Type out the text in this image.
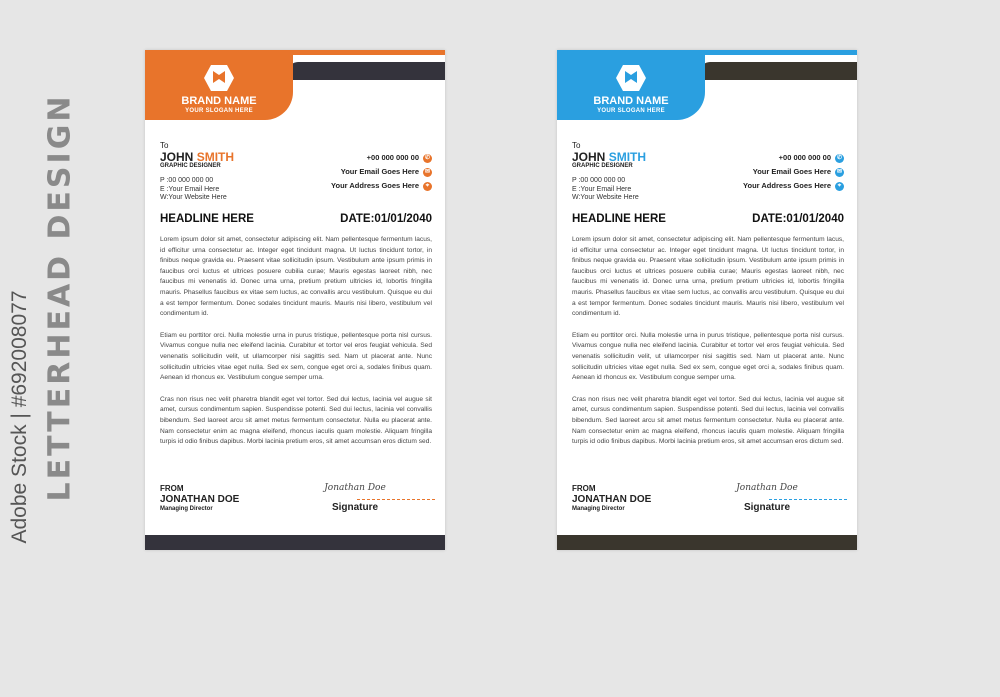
LETTERHEAD DESIGN
Adobe Stock | #692008077
BRAND NAME
YOUR SLOGAN HERE
To
JOHN SMITH
GRAPHIC DESIGNER
P :00 000 000 00
E :Your Email Here
W:Your Website Here
+00 000 000 00 ✆
Your Email Goes Here ✉
Your Address Goes Here	⌖
HEADLINE HERE	DATE:01/01/2040

Lorem ipsum dolor sit amet, consectetur adipiscing elit. Nam pellentesque fermentum lacus, id efficitur urna consectetur ac. Integer eget tincidunt magna. Ut luctus tincidunt tortor, in finibus neque gravida eu. Praesent vitae sollicitudin ipsum. Vestibulum ante ipsum primis in faucibus orci luctus et ultrices posuere cubilia curae; Mauris egestas laoreet nibh, nec faucibus mi venenatis id. Donec urna urna, pretium pretium ultricies id, lobortis fringilla mauris. Phasellus faucibus ex vitae sem luctus, ac convallis arcu vestibulum. Quisque eu dui a est tempor fermentum. Donec sodales tincidunt mauris. Mauris nisi libero, vestibulum vel condimentum id.

Etiam eu porttitor orci. Nulla molestie urna in purus tristique, pellentesque porta nisl cursus. Vivamus congue nulla nec eleifend lacinia. Curabitur et tortor vel eros feugiat vehicula. Sed venenatis sollicitudin velit, ut ullamcorper nisi sagittis sed. Nam ut placerat ante. Nunc sollicitudin ultricies vitae eget nulla. Sed ex sem, congue eget orci a, sodales finibus quam. Aenean id rhoncus ex. Vestibulum congue semper urna.

Cras non risus nec velit pharetra blandit eget vel tortor. Sed dui lectus, lacinia vel augue sit amet, cursus condimentum sapien. Suspendisse potenti. Sed dui lectus, lacinia vel convallis bibendum. Sed laoreet arcu sit amet metus fermentum consectetur. Nulla eu placerat ante. Nam consectetur enim ac magna eleifend, rhoncus iaculis quam molestie. Aliquam fringilla turpis id odio finibus dapibus. Morbi lacinia pretium eros, sit amet accumsan eros dictum sed.

FROM
JONATHAN DOE
Managing Director
Jonathan Doe
Signature
BRAND NAME
YOUR SLOGAN HERE
To
JOHN SMITH
GRAPHIC DESIGNER
P :00 000 000 00
E :Your Email Here
W:Your Website Here
+00 000 000 00 ✆
Your Email Goes Here ✉
Your Address Goes Here	⌖
HEADLINE HERE	DATE:01/01/2040

Lorem ipsum dolor sit amet, consectetur adipiscing elit. Nam pellentesque fermentum lacus, id efficitur urna consectetur ac. Integer eget tincidunt magna. Ut luctus tincidunt tortor, in finibus neque gravida eu. Praesent vitae sollicitudin ipsum. Vestibulum ante ipsum primis in faucibus orci luctus et ultrices posuere cubilia curae; Mauris egestas laoreet nibh, nec faucibus mi venenatis id. Donec urna urna, pretium pretium ultricies id, lobortis fringilla mauris. Phasellus faucibus ex vitae sem luctus, ac convallis arcu vestibulum. Quisque eu dui a est tempor fermentum. Donec sodales tincidunt mauris. Mauris nisi libero, vestibulum vel condimentum id.

Etiam eu porttitor orci. Nulla molestie urna in purus tristique, pellentesque porta nisl cursus. Vivamus congue nulla nec eleifend lacinia. Curabitur et tortor vel eros feugiat vehicula. Sed venenatis sollicitudin velit, ut ullamcorper nisi sagittis sed. Nam ut placerat ante. Nunc sollicitudin ultricies vitae eget nulla. Sed ex sem, congue eget orci a, sodales finibus quam. Aenean id rhoncus ex. Vestibulum congue semper urna.

Cras non risus nec velit pharetra blandit eget vel tortor. Sed dui lectus, lacinia vel augue sit amet, cursus condimentum sapien. Suspendisse potenti. Sed dui lectus, lacinia vel convallis bibendum. Sed laoreet arcu sit amet metus fermentum consectetur. Nulla eu placerat ante. Nam consectetur enim ac magna eleifend, rhoncus iaculis quam molestie. Aliquam fringilla turpis id odio finibus dapibus. Morbi lacinia pretium eros, sit amet accumsan eros dictum sed.

FROM
JONATHAN DOE
Managing Director
Jonathan Doe
Signature
